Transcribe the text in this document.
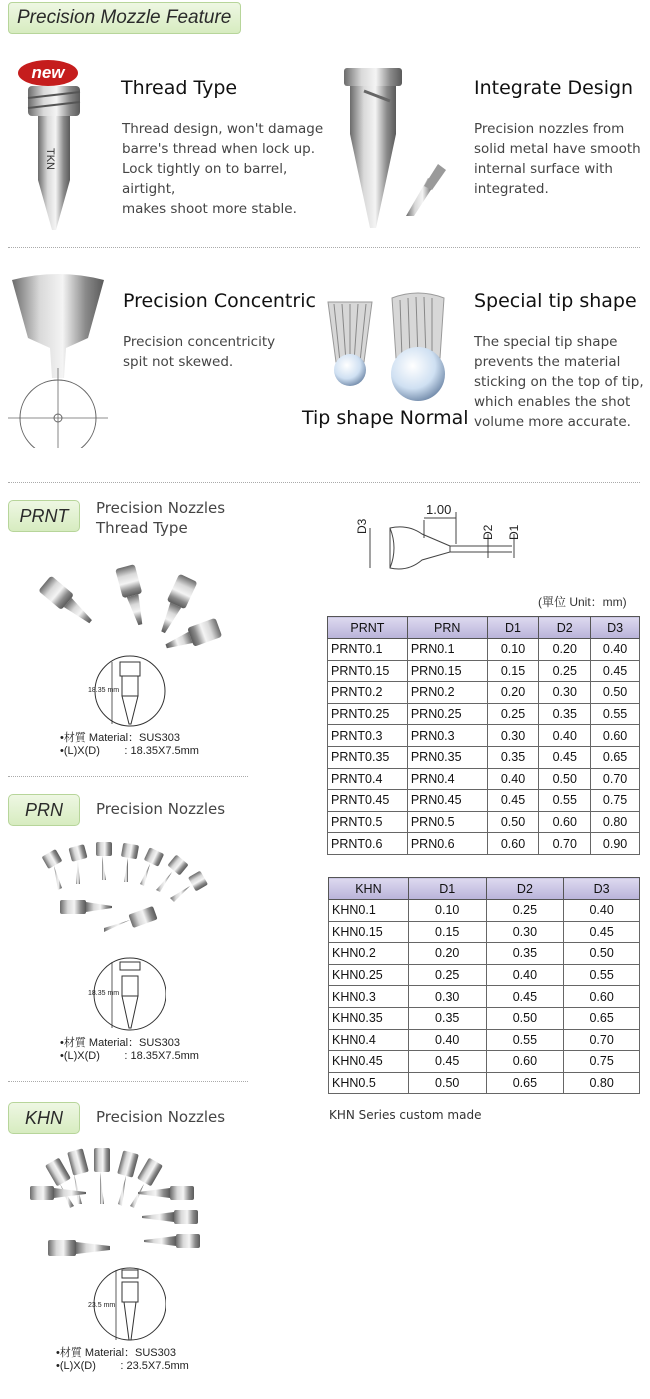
Precision Mozzle Feature
TKN
new
Thread Type
Thread design, won't damage
barre's thread when lock up.
Lock tightly on to barrel, airtight,
makes shoot more stable.
Integrate Design
Precision nozzles from
solid metal have smooth
internal surface with
integrated.
Precision Concentric
Precision concentricity
spit not skewed.
Tip shape Normal
Special tip shape
The special tip shape
prevents the material
sticking on the top of tip,
which enables the shot
volume more accurate.
PRNT	Precision Nozzles
Thread Type
18.35 mm
•材質 Material：SUS303
•(L)X(D)        : 18.35X7.5mm
PRN	Precision Nozzles
18.35 mm
•材質 Material：SUS303
•(L)X(D)        : 18.35X7.5mm
KHN	Precision Nozzles
23.5 mm
•材質 Material：SUS303
•(L)X(D)        : 23.5X7.5mm
1.00
D3	D2 D1
(單位 Unit：mm)
PRNT	PRN	D1	D2	D3
PRNT0.1	PRN0.1	0.10	0.20	0.40
PRNT0.15	PRN0.15	0.15	0.25	0.45
PRNT0.2	PRN0.2	0.20	0.30	0.50
PRNT0.25	PRN0.25	0.25	0.35	0.55
PRNT0.3	PRN0.3	0.30	0.40	0.60
PRNT0.35	PRN0.35	0.35	0.45	0.65
PRNT0.4	PRN0.4	0.40	0.50	0.70
PRNT0.45	PRN0.45	0.45	0.55	0.75
PRNT0.5	PRN0.5	0.50	0.60	0.80
PRNT0.6	PRN0.6	0.60	0.70	0.90
KHN	D1	D2	D3
KHN0.1	0.10	0.25	0.40
KHN0.15	0.15	0.30	0.45
KHN0.2	0.20	0.35	0.50
KHN0.25	0.25	0.40	0.55
KHN0.3	0.30	0.45	0.60
KHN0.35	0.35	0.50	0.65
KHN0.4	0.40	0.55	0.70
KHN0.45	0.45	0.60	0.75
KHN0.5	0.50	0.65	0.80
KHN Series custom made
